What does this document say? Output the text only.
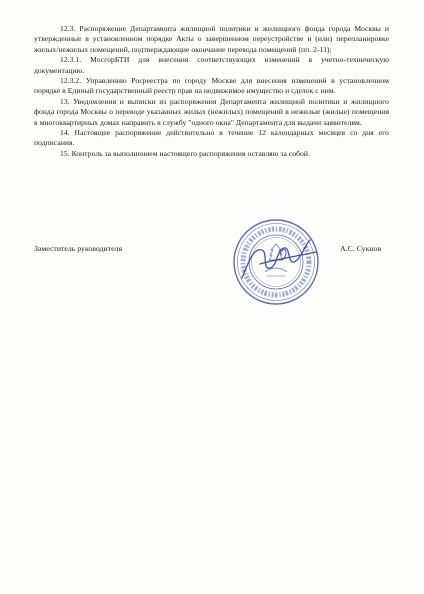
12.3. Распоряжение Департамента жилищной политики и жилищного фонда города Москвы и утвержденные в установленном порядке Акты о завершенном переустройстве и (или) перепланировке жилых/нежилых помещений, подтверждающие окончание перевода помещений (пп. 2-11):

12.3.1. МосгорБТИ для внесения соответствующих изменений в учетно-техническую документацию.

12.3.2. Управлению Росреестра по городу Москве для внесения изменений в установленном порядке в Единый государственный реестр прав на недвижимое имущество и сделок с ним.

13. Уведомления и выписки из распоряжения Департамента жилищной политики и жилищного фонда города Москвы о переводе указанных жилых (нежилых) помещений в нежилые (жилые) помещения в многоквартирных домах направить в службу "одного окна" Департамента для выдачи заявителям.

14. Настоящее распоряжение действительно в течение 12 календарных месяцев со дня его подписания.

15. Контроль за выполнением настоящего распоряжения оставляю за собой.

Заместитель руководителя	А.С. Сукнов
